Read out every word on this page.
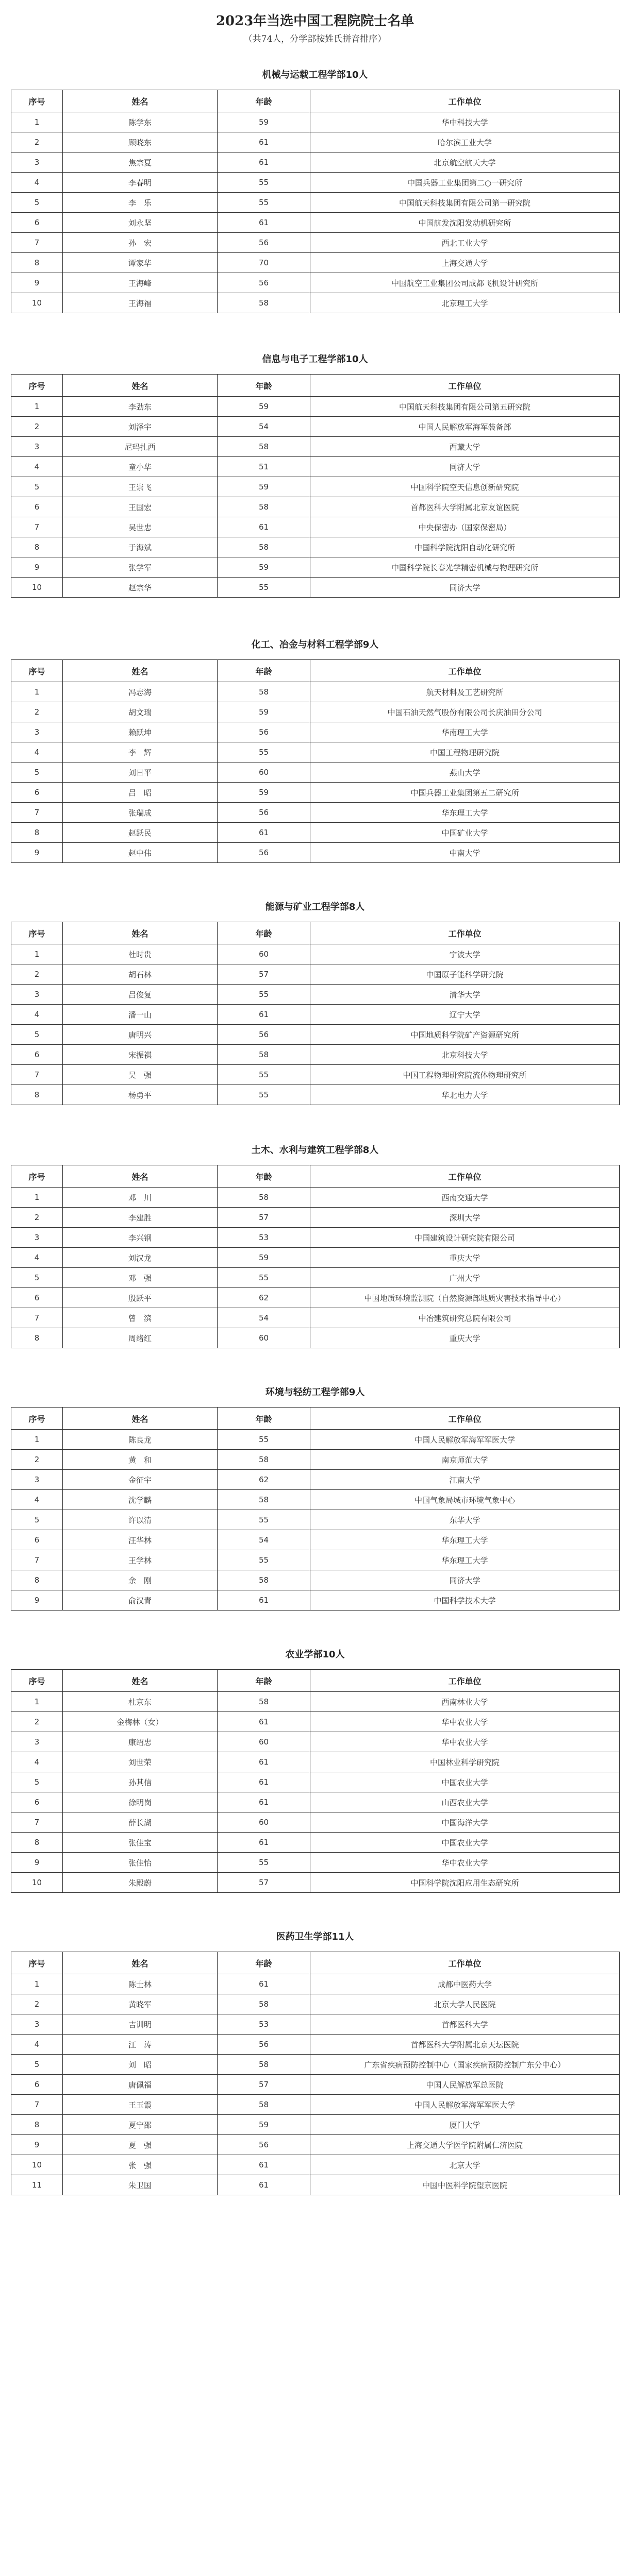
2023年当选中国工程院院士名单
（共74人，分学部按姓氏拼音排序）
机械与运载工程学部10人
序号	姓名	年龄	工作单位
1	陈学东	59	华中科技大学
2	顾晓东	61	哈尔滨工业大学
3	焦宗夏	61	北京航空航天大学
4	李春明	55	中国兵器工业集团第二○一研究所
5	李　乐	55	中国航天科技集团有限公司第一研究院
6	刘永坚	61	中国航发沈阳发动机研究所
7	孙　宏	56	西北工业大学
8	谭家华	70	上海交通大学
9	王海峰	56	中国航空工业集团公司成都飞机设计研究所
10	王海福	58	北京理工大学
信息与电子工程学部10人
序号	姓名	年龄	工作单位
1	李劲东	59	中国航天科技集团有限公司第五研究院
2	刘泽宇	54	中国人民解放军海军装备部
3	尼玛扎西	58	西藏大学
4	童小华	51	同济大学
5	王崇飞	59	中国科学院空天信息创新研究院
6	王国宏	58	首都医科大学附属北京友谊医院
7	吴世忠	61	中央保密办（国家保密局）
8	于海斌	58	中国科学院沈阳自动化研究所
9	张学军	59	中国科学院长春光学精密机械与物理研究所
10	赵宗华	55	同济大学
化工、冶金与材料工程学部9人
序号	姓名	年龄	工作单位
1	冯志海	58	航天材料及工艺研究所
2	胡文瑞	59	中国石油天然气股份有限公司长庆油田分公司
3	赖跃坤	56	华南理工大学
4	李　辉	55	中国工程物理研究院
5	刘日平	60	燕山大学
6	吕　昭	59	中国兵器工业集团第五二研究所
7	张瑞成	56	华东理工大学
8	赵跃民	61	中国矿业大学
9	赵中伟	56	中南大学
能源与矿业工程学部8人
序号	姓名	年龄	工作单位
1	杜时贵	60	宁波大学
2	胡石林	57	中国原子能科学研究院
3	吕俊复	55	清华大学
4	潘一山	61	辽宁大学
5	唐明兴	56	中国地质科学院矿产资源研究所
6	宋振祺	58	北京科技大学
7	吴　强	55	中国工程物理研究院流体物理研究所
8	杨勇平	55	华北电力大学
土木、水利与建筑工程学部8人
序号	姓名	年龄	工作单位
1	邓　川	58	西南交通大学
2	李建胜	57	深圳大学
3	李兴钢	53	中国建筑设计研究院有限公司
4	刘汉龙	59	重庆大学
5	邓　强	55	广州大学
6	殷跃平	62	中国地质环境监测院（自然资源部地质灾害技术指导中心）
7	曾　滨	54	中冶建筑研究总院有限公司
8	周绪红	60	重庆大学
环境与轻纺工程学部9人
序号	姓名	年龄	工作单位
1	陈良龙	55	中国人民解放军海军军医大学
2	黄　和	58	南京师范大学
3	金征宇	62	江南大学
4	沈学麟	58	中国气象局城市环境气象中心
5	许以清	55	东华大学
6	汪华林	54	华东理工大学
7	王学林	55	华东理工大学
8	余　刚	58	同济大学
9	俞汉青	61	中国科学技术大学
农业学部10人
序号	姓名	年龄	工作单位
1	杜京东	58	西南林业大学
2	金梅林（女）	61	华中农业大学
3	康绍忠	60	华中农业大学
4	刘世荣	61	中国林业科学研究院
5	孙其信	61	中国农业大学
6	徐明岗	61	山西农业大学
7	薛长湖	60	中国海洋大学
8	张佳宝	61	中国农业大学
9	张佳怡	55	华中农业大学
10	朱殿蔚	57	中国科学院沈阳应用生态研究所
医药卫生学部11人
序号	姓名	年龄	工作单位
1	陈士林	61	成都中医药大学
2	黄晓军	58	北京大学人民医院
3	吉训明	53	首都医科大学
4	江　涛	56	首都医科大学附属北京天坛医院
5	刘　昭	58	广东省疾病预防控制中心（国家疾病预防控制广东分中心）
6	唐佩福	57	中国人民解放军总医院
7	王玉霞	58	中国人民解放军海军军医大学
8	夏宁邵	59	厦门大学
9	夏　强	56	上海交通大学医学院附属仁济医院
10	张　强	61	北京大学
11	朱卫国	61	中国中医科学院望京医院
